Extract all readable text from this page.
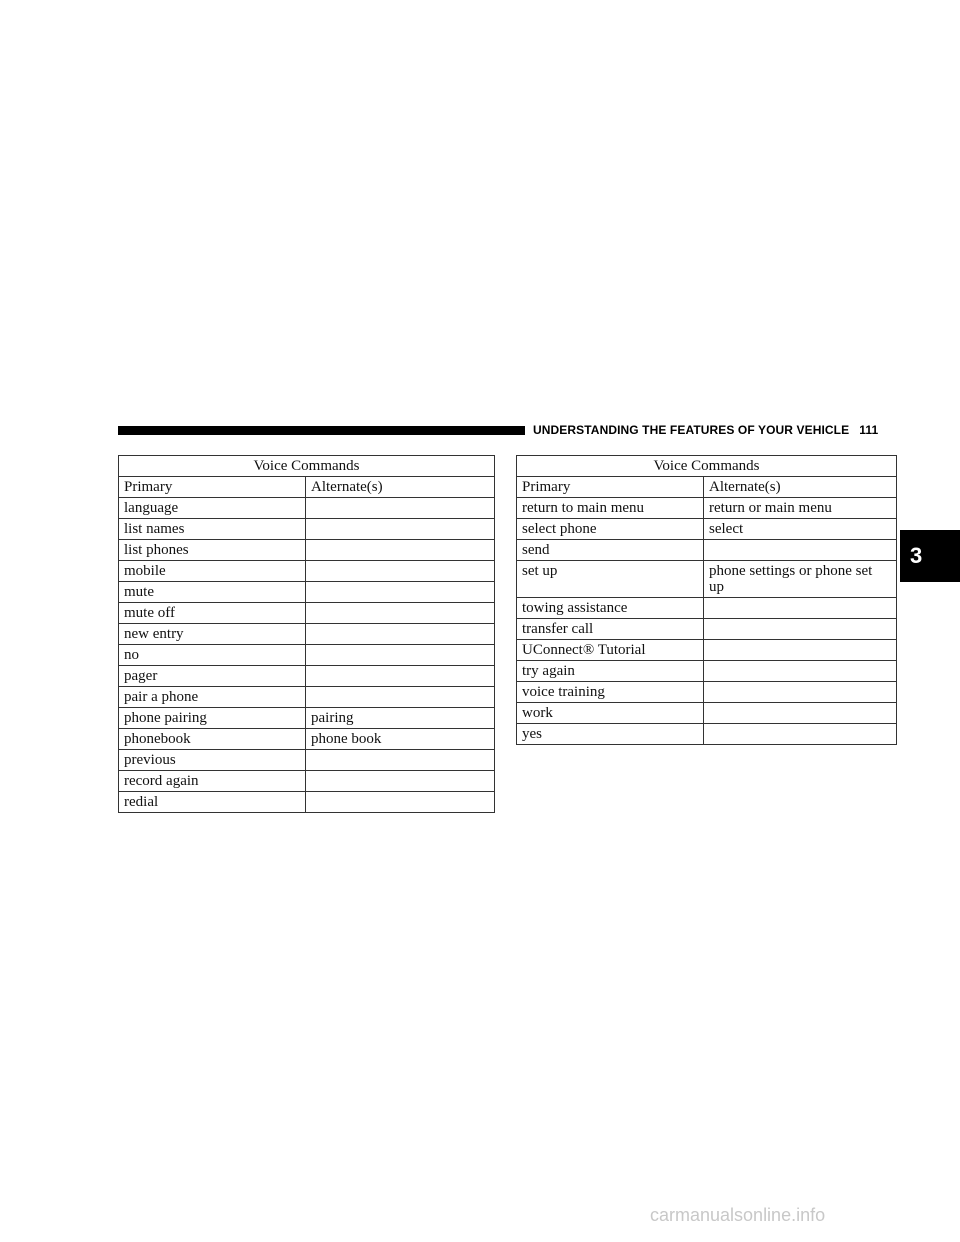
UNDERSTANDING THE FEATURES OF YOUR VEHICLE 111
3
Voice Commands	
Primary	Alternate(s)
language	
list names	
list phones	
mobile	
mute	
mute off	
new entry	
no	
pager	
pair a phone	
phone pairing	pairing
phonebook	phone book
previous	
record again	
redial	
Voice Commands	
Primary	Alternate(s)
return to main menu	return or main menu
select phone	select
send	
set up	phone settings or phone set up
towing assistance	
transfer call	
UConnect® Tutorial	
try again	
voice training	
work	
yes	
carmanualsonline.info
